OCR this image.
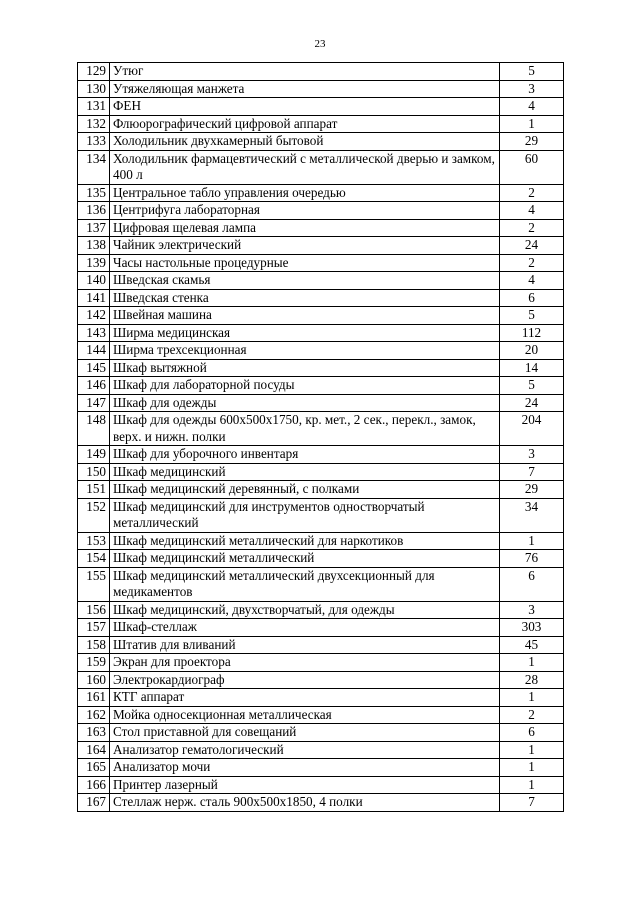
23
129	Утюг	5
130	Утяжеляющая манжета	3
131	ФЕН	4
132	Флюорографический цифровой аппарат	1
133	Холодильник двухкамерный бытовой	29
134	Холодильник фармацевтический с металлической дверью и замком, 400 л	60
135	Центральное табло управления очередью	2
136	Центрифуга лабораторная	4
137	Цифровая щелевая лампа	2
138	Чайник электрический	24
139	Часы настольные процедурные	2
140	Шведская скамья	4
141	Шведская стенка	6
142	Швейная машина	5
143	Ширма медицинская	112
144	Ширма трехсекционная	20
145	Шкаф вытяжной	14
146	Шкаф для лабораторной посуды	5
147	Шкаф для одежды	24
148	Шкаф для одежды 600х500х1750, кр. мет., 2 сек., перекл., замок, верх. и нижн. полки	204
149	Шкаф для уборочного инвентаря	3
150	Шкаф медицинский	7
151	Шкаф медицинский деревянный, с полками	29
152	Шкаф медицинский для инструментов одностворчатый металлический	34
153	Шкаф медицинский металлический для наркотиков	1
154	Шкаф медицинский металлический	76
155	Шкаф медицинский металлический двухсекционный для медикаментов	6
156	Шкаф медицинский, двухстворчатый, для одежды	3
157	Шкаф-стеллаж	303
158	Штатив для вливаний	45
159	Экран для проектора	1
160	Электрокардиограф	28
161	КТГ аппарат	1
162	Мойка односекционная металлическая	2
163	Стол приставной для совещаний	6
164	Анализатор гематологический	1
165	Анализатор мочи	1
166	Принтер лазерный	1
167	Стеллаж нерж. сталь 900х500х1850, 4 полки	7
